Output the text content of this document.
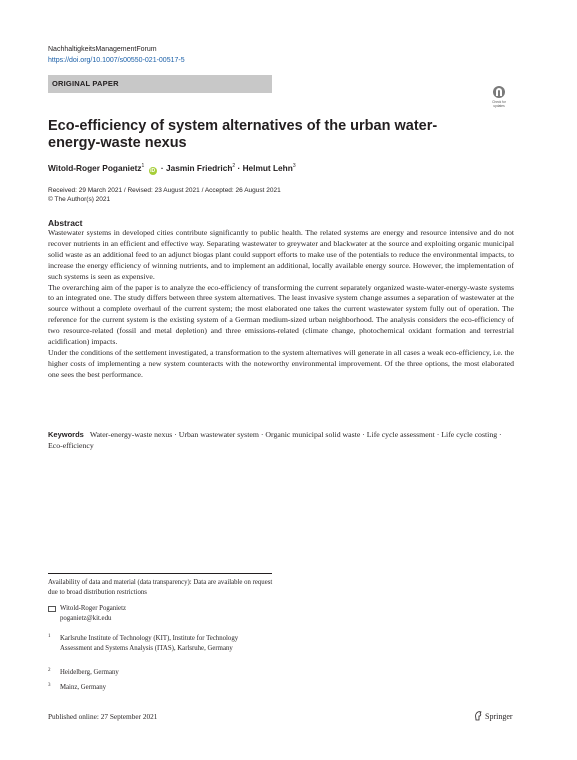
NachhaltigkeitsManagementForum
https://doi.org/10.1007/s00550-021-00517-5
ORIGINAL PAPER
Check for updates
Eco-efficiency of system alternatives of the urban water-energy-waste nexus
Witold-Roger Poganietz$^1$ iD · Jasmin Friedrich$^2$ · Helmut Lehn$^3$
Received: 29 March 2021 / Revised: 23 August 2021 / Accepted: 26 August 2021
© The Author(s) 2021
Abstract

Wastewater systems in developed cities contribute significantly to public health. The related systems are energy and resource intensive and do not recover nutrients in an efficient and effective way. Separating wastewater to greywater and blackwater at the source and exploiting organic municipal solid waste as an additional feed to an adjunct biogas plant could support efforts to make use of the potentials to reduce the environmental impacts, to increase the energy efficiency of winning nutrients, and to implement an additional, locally available energy source. However, the implementation of such systems is seen as expensive.

The overarching aim of the paper is to analyze the eco-efficiency of transforming the current separately organized waste-water-energy-waste systems to an integrated one. The study differs between three system alternatives. The least invasive system change assumes a separation of wastewater at the source without a complete overhaul of the current system; the most elaborated one takes the current wastewater system fully out of operation. The reference for the current system is the existing system of a German medium-sized urban neighborhood. The analysis considers the eco-efficiency of two resource-related (fossil and metal depletion) and three emissions-related (climate change, photochemical oxidant formation and terrestrial acidification) impacts.

Under the conditions of the settlement investigated, a transformation to the system alternatives will generate in all cases a weak eco-efficiency, i.e. the higher costs of implementing a new system counteracts with the noteworthy environmental improvement. Of the three options, the most elaborated one sees the best performance.

Keywords Water-energy-waste nexus · Urban wastewater system · Organic municipal solid waste · Life cycle assessment · Life cycle costing · Eco-efficiency
Availability of data and material (data transparency): Data are available on request due to broad distribution restrictions
Witold-Roger Poganietz
poganietz@kit.edu
1 Karlsruhe Institute of Technology (KIT), Institute for Technology Assessment and Systems Analysis (ITAS), Karlsruhe, Germany
2 Heidelberg, Germany
3 Mainz, Germany
Published online: 27 September 2021	Springer
